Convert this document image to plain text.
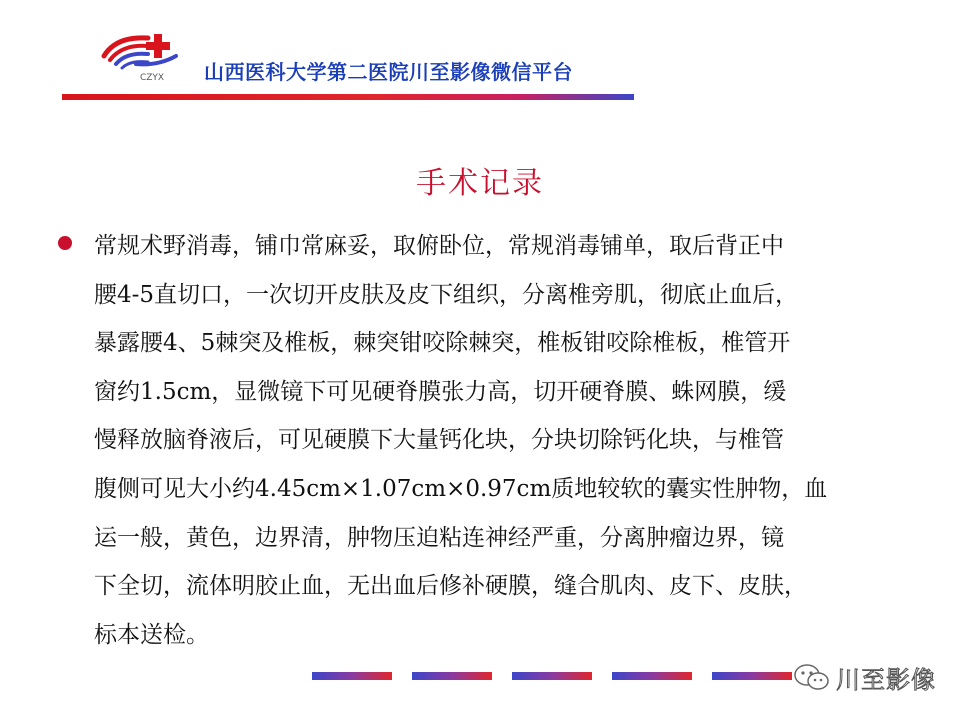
CZYX 山西医科大学第二医院川至影像微信平台
手术记录

常规术野消毒，铺巾常麻妥，取俯卧位，常规消毒铺单，取后背正中
腰4-5直切口，一次切开皮肤及皮下组织，分离椎旁肌，彻底止血后，
暴露腰4、5棘突及椎板，棘突钳咬除棘突，椎板钳咬除椎板，椎管开
窗约1.5cm，显微镜下可见硬脊膜张力高，切开硬脊膜、蛛网膜，缓
慢释放脑脊液后，可见硬膜下大量钙化块，分块切除钙化块，与椎管
腹侧可见大小约4.45cm×1.07cm×0.97cm质地较软的囊实性肿物，血
运一般，黄色，边界清，肿物压迫粘连神经严重，分离肿瘤边界，镜
下全切，流体明胶止血，无出血后修补硬膜，缝合肌肉、皮下、皮肤，
标本送检。

川至影像
